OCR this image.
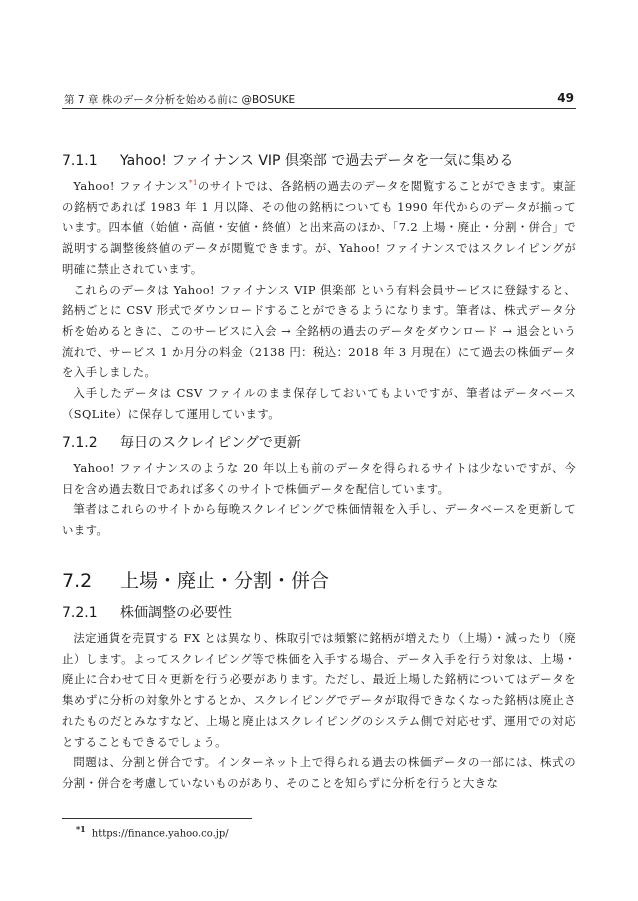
第 7 章 株のデータ分析を始める前に @BOSUKE	49
7.1.1 Yahoo! ファイナンス VIP 倶楽部 で過去データを一気に集める

Yahoo! ファイナンス$^{*1}$のサイトでは、各銘柄の過去のデータを閲覧することができます。東証の銘柄であれば 1983 年 1 月以降、その他の銘柄についても 1990 年代からのデータが揃っています。四本値（始値・高値・安値・終値）と出来高のほか、「7.2 上場・廃止・分割・併合」で説明する調整後終値のデータが閲覧できます。が、Yahoo! ファイナンスではスクレイピングが明確に禁止されています。

これらのデータは Yahoo! ファイナンス VIP 倶楽部 という有料会員サービスに登録すると、銘柄ごとに CSV 形式でダウンロードすることができるようになります。筆者は、株式データ分析を始めるときに、このサービスに入会 → 全銘柄の過去のデータをダウンロード → 退会という流れで、サービス 1 か月分の料金（2138 円：税込：2018 年 3 月現在）にて過去の株価データを入手しました。

入手したデータは CSV ファイルのまま保存しておいてもよいですが、筆者はデータベース（SQLite）に保存して運用しています。

7.1.2 毎日のスクレイピングで更新

Yahoo! ファイナンスのような 20 年以上も前のデータを得られるサイトは少ないですが、今日を含め過去数日であれば多くのサイトで株価データを配信しています。

筆者はこれらのサイトから毎晩スクレイピングで株価情報を入手し、データベースを更新しています。

7.2 上場・廃止・分割・併合
7.2.1 株価調整の必要性

法定通貨を売買する FX とは異なり、株取引では頻繁に銘柄が増えたり（上場）・減ったり（廃止）します。よってスクレイピング等で株価を入手する場合、データ入手を行う対象は、上場・廃止に合わせて日々更新を行う必要があります。ただし、最近上場した銘柄についてはデータを集めずに分析の対象外とするとか、スクレイピングでデータが取得できなくなった銘柄は廃止されたものだとみなすなど、上場と廃止はスクレイピングのシステム側で対応せず、運用での対応とすることもできるでしょう。

問題は、分割と併合です。インターネット上で得られる過去の株価データの一部には、株式の分割・併合を考慮していないものがあり、そのことを知らずに分析を行うと大きな

$^{*1}$ https://finance.yahoo.co.jp/
